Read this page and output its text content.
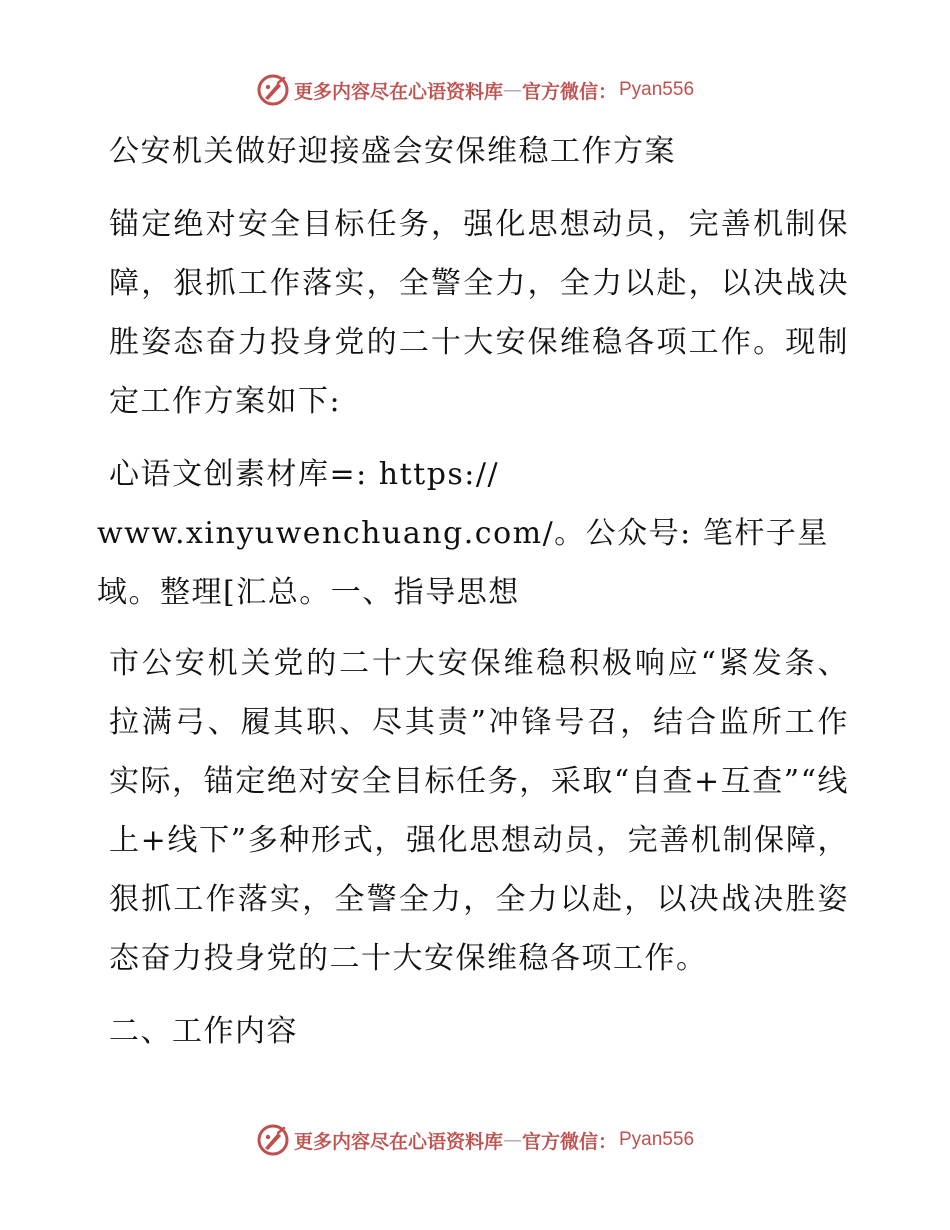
更多内容尽在心语资料库 — 官方微信： Pyan556

公安机关做好迎接盛会安保维稳工作方案

锚定绝对安全目标任务，强化思想动员，完善机制保障，狠抓工作落实，全警全力，全力以赴，以决战决胜姿态奋力投身党的二十大安保维稳各项工作。现制定工作方案如下:

心语文创素材库=: https://

www.xinyuwenchuang.com/。公众号: 笔杆子星

域。整理[汇总。一、指导思想

市公安机关党的二十大安保维稳积极响应“紧发条、拉满弓、履其职、尽其责”冲锋号召，结合监所工作实际，锚定绝对安全目标任务，采取“自查+互查”“线上+线下”多种形式，强化思想动员，完善机制保障，狠抓工作落实，全警全力，全力以赴，以决战决胜姿态奋力投身党的二十大安保维稳各项工作。

二、工作内容

更多内容尽在心语资料库 — 官方微信： Pyan556
